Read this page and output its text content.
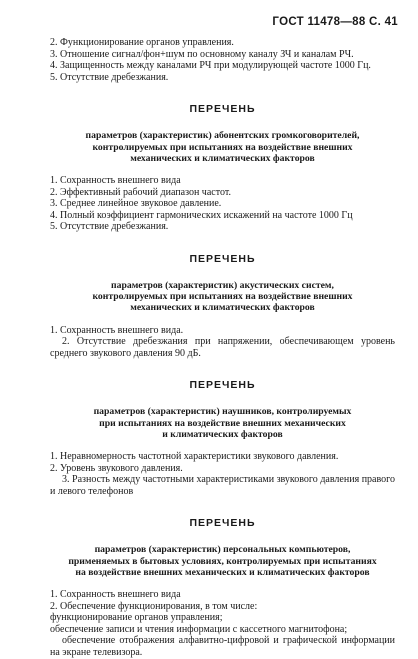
ГОСТ 11478—88 С. 41
2. Функционирование органов управления.
3. Отношение сигнал/фон+шум по основному каналу ЗЧ и каналам РЧ.
4. Защищенность между каналами РЧ при модулирующей частоте 1000 Гц.
5. Отсутствие дребезжания.

ПЕРЕЧЕНЬ

параметров (характеристик) абонентских громкоговорителей,

контролируемых при испытаниях на воздействие внешних

механических и климатических факторов

1. Сохранность внешнего вида
2. Эффективный рабочий диапазон частот.
3. Среднее линейное звуковое давление.
4. Полный коэффициент гармонических искажений на частоте 1000 Гц
5. Отсутствие дребезжания.

ПЕРЕЧЕНЬ

параметров (характеристик) акустических систем,

контролируемых при испытаниях на воздействие внешних

механических и климатических факторов

1. Сохранность внешнего вида.

2. Отсутствие дребезжания при напряжении, обеспечивающем уровень среднего звукового давления 90 дБ.

ПЕРЕЧЕНЬ

параметров (характеристик) наушников, контролируемых

при испытаниях на воздействие внешних механических

и климатических факторов

1. Неравномерность частотной характеристики звукового давления.
2. Уровень звукового давления.

3. Разность между частотными характеристиками звукового давления правого и левого телефонов

ПЕРЕЧЕНЬ

параметров (характеристик) персональных компьютеров,

применяемых в бытовых условиях, контролируемых при испытаниях

на воздействие внешних механических и климатических факторов

1. Сохранность внешнего вида
2. Обеспечение функционирования, в том числе:
функционирование органов управления;
обеспечение записи и чтения информации с кассетного магнитофона;

обеспечение отображения алфавитно-цифровой и графической информации на экране телевизора.
